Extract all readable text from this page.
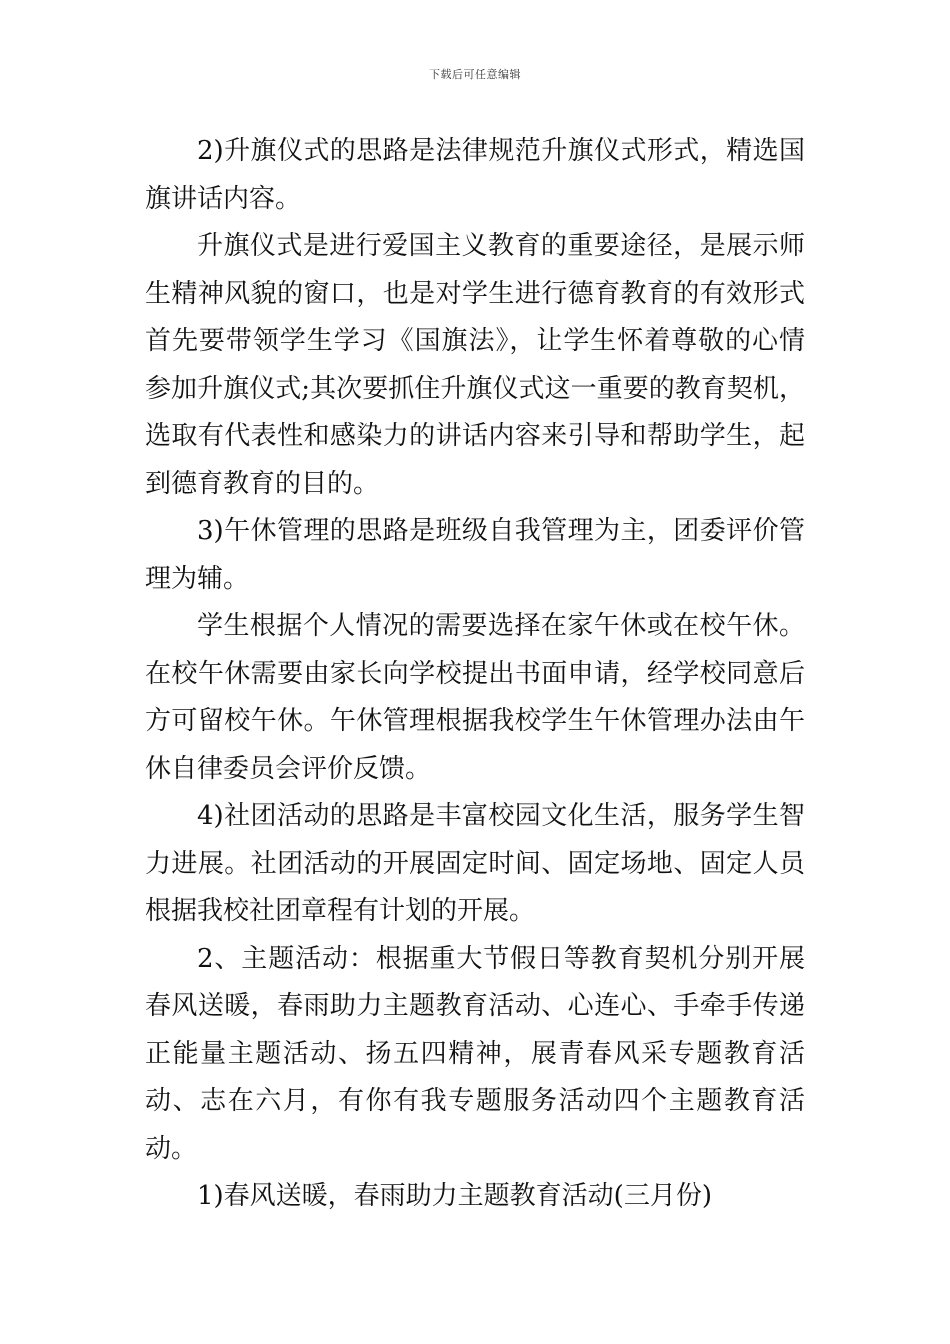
下载后可任意编辑

2)升旗仪式的思路是法律规范升旗仪式形式，精选国旗讲话内容。

升旗仪式是进行爱国主义教育的重要途径，是展示师生精神风貌的窗口，也是对学生进行德育教育的有效形式首先要带领学生学习《国旗法》，让学生怀着尊敬的心情参加升旗仪式;其次要抓住升旗仪式这一重要的教育契机，选取有代表性和感染力的讲话内容来引导和帮助学生，起到德育教育的目的。

3)午休管理的思路是班级自我管理为主，团委评价管理为辅。

学生根据个人情况的需要选择在家午休或在校午休。在校午休需要由家长向学校提出书面申请，经学校同意后方可留校午休。午休管理根据我校学生午休管理办法由午休自律委员会评价反馈。

4)社团活动的思路是丰富校园文化生活，服务学生智力进展。社团活动的开展固定时间、固定场地、固定人员根据我校社团章程有计划的开展。

2、主题活动：根据重大节假日等教育契机分别开展春风送暖，春雨助力主题教育活动、心连心、手牵手传递正能量主题活动、扬五四精神，展青春风采专题教育活动、志在六月，有你有我专题服务活动四个主题教育活动。

1)春风送暖，春雨助力主题教育活动(三月份)
